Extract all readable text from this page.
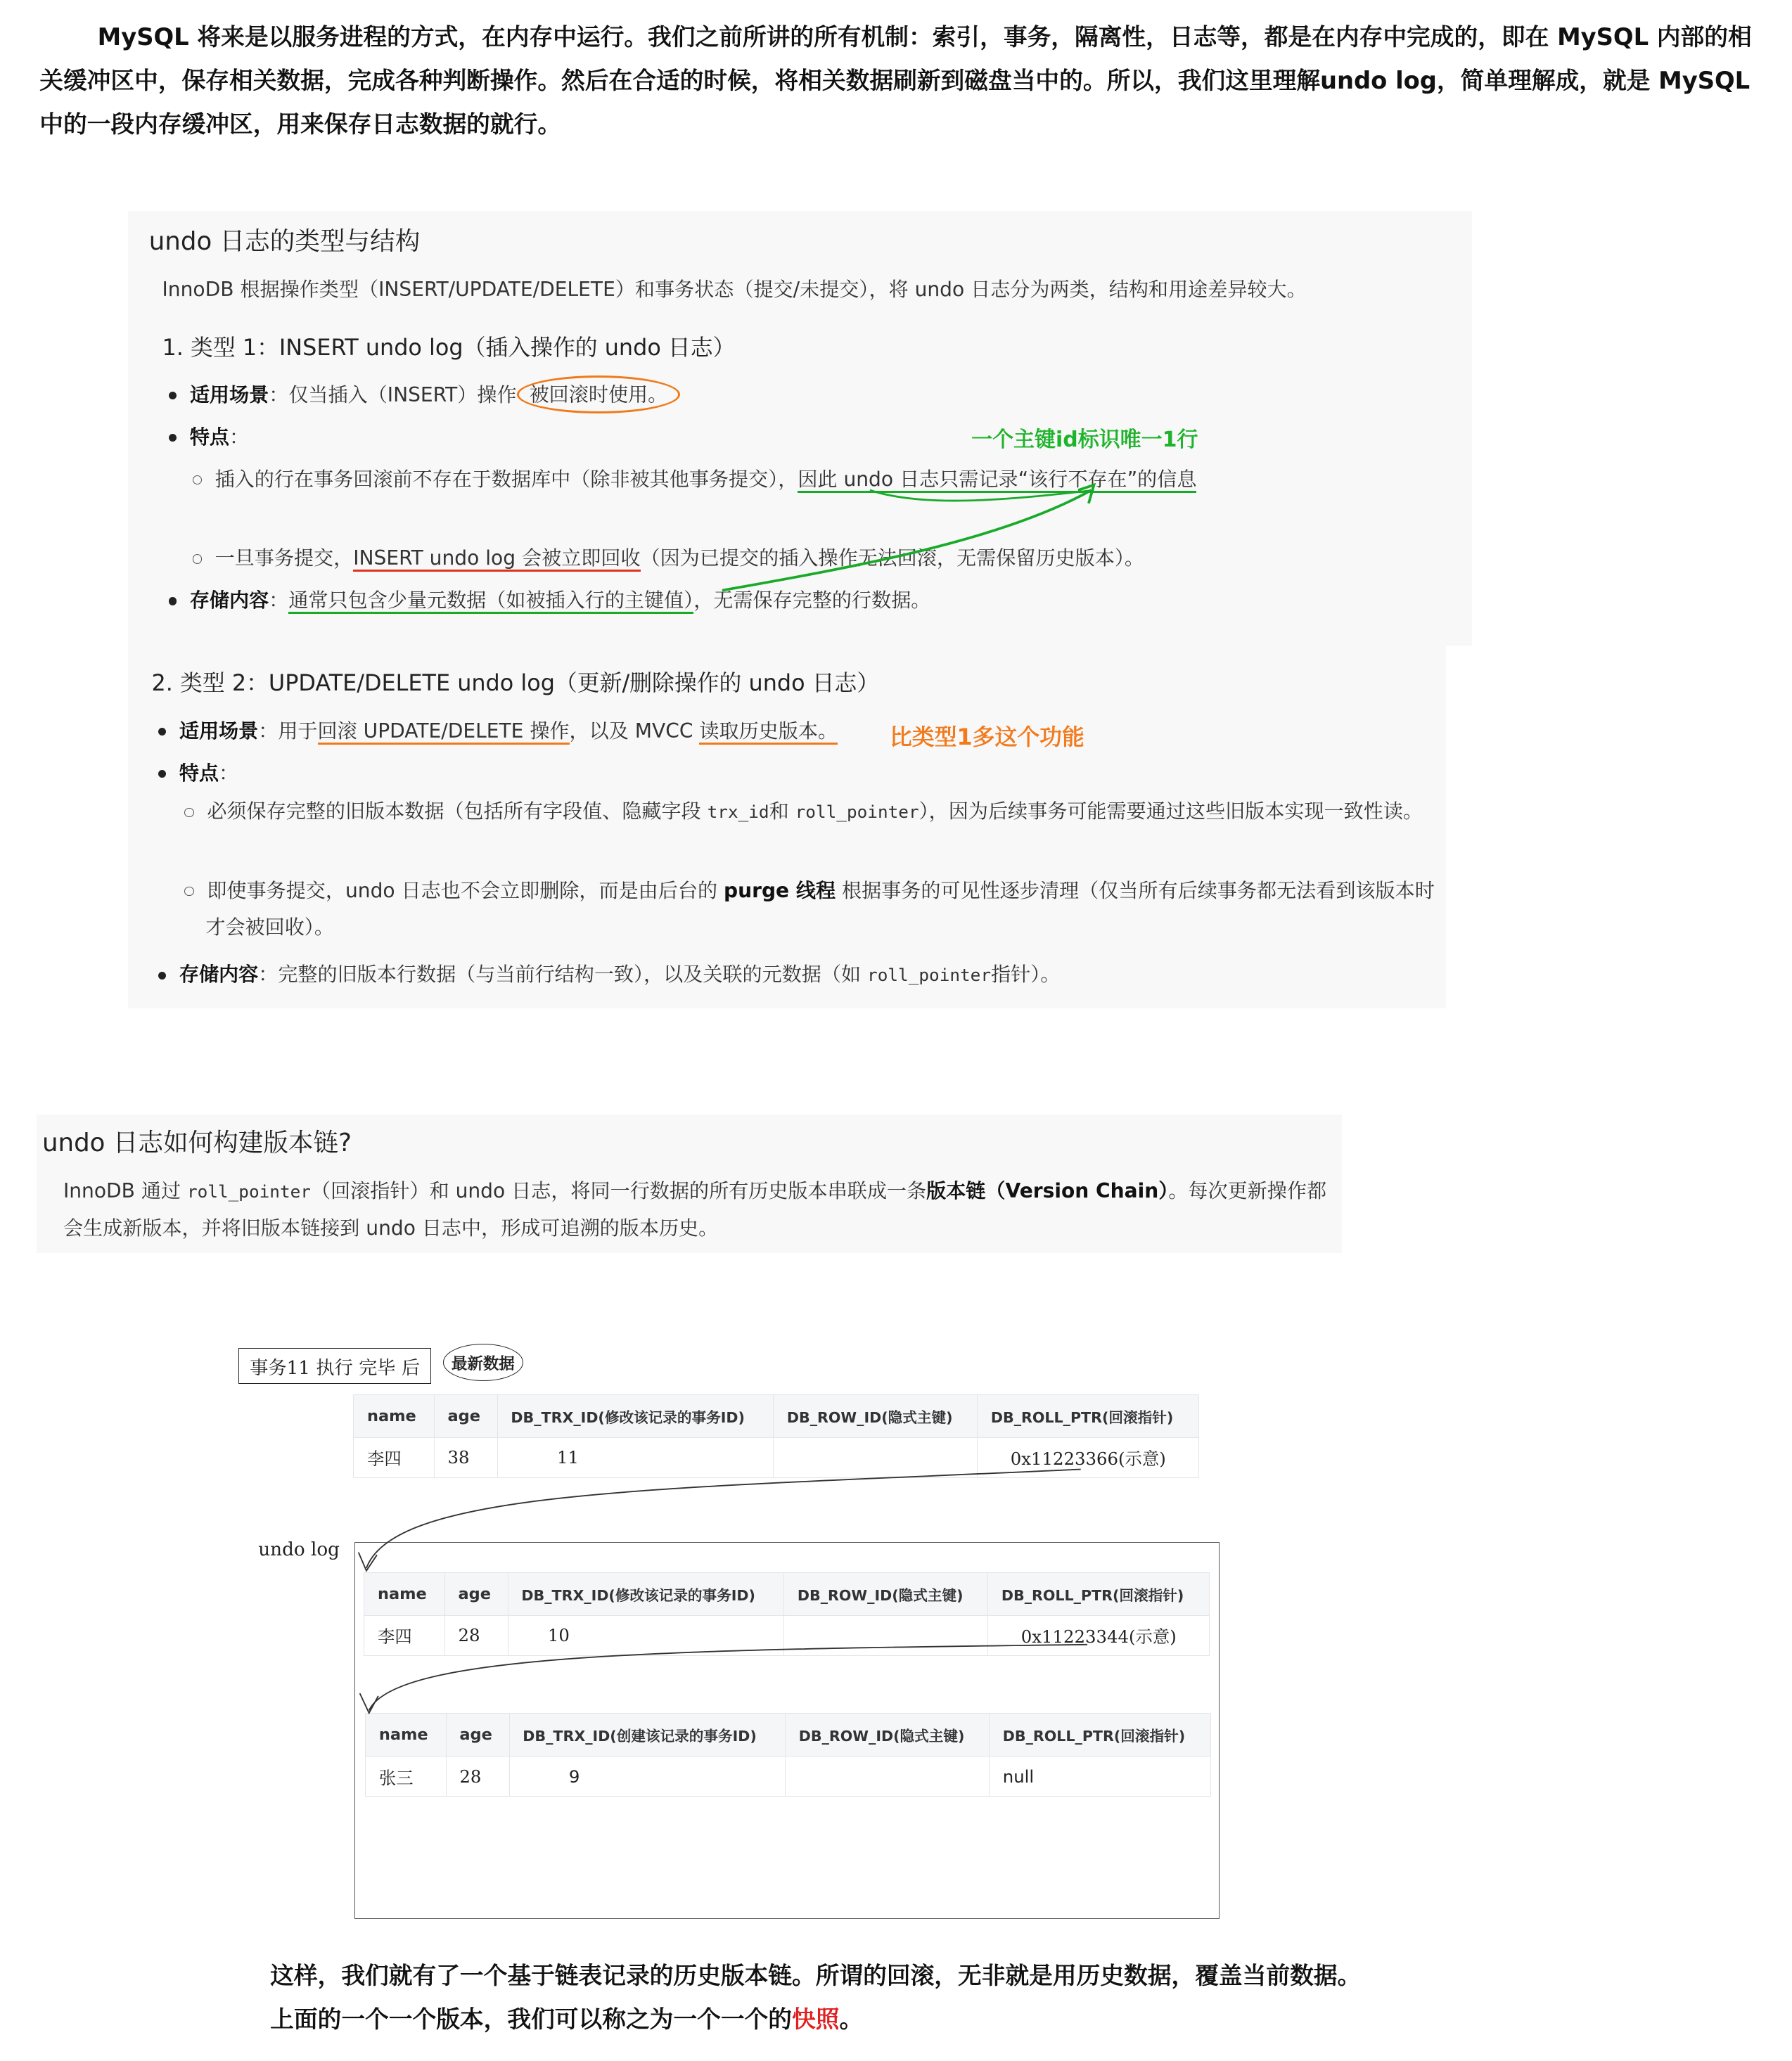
MySQL 将来是以服务进程的方式，在内存中运行。我们之前所讲的所有机制：索引，事务，隔离性，日志等，都是在内存中完成的，即在 MySQL 内部的相关缓冲区中，保存相关数据，完成各种判断操作。然后在合适的时候，将相关数据刷新到磁盘当中的。所以，我们这里理解undo log，简单理解成，就是 MySQL 中的一段内存缓冲区，用来保存日志数据的就行。
undo 日志的类型与结构
InnoDB 根据操作类型（INSERT/UPDATE/DELETE）和事务状态（提交/未提交），将 undo 日志分为两类，结构和用途差异较大。
1. 类型 1：INSERT undo log（插入操作的 undo 日志）
适用场景：仅当插入（INSERT）操作 被回滚时使用。
特点：	一个主键id标识唯一1行
插入的行在事务回滚前不存在于数据库中（除非被其他事务提交），因此 undo 日志只需记录“该行不存在”的信息
一旦事务提交，INSERT undo log 会被立即回收（因为已提交的插入操作无法回滚，无需保留历史版本）。
存储内容：通常只包含少量元数据（如被插入行的主键值），无需保存完整的行数据。
2. 类型 2：UPDATE/DELETE undo log（更新/删除操作的 undo 日志）
适用场景：用于回滚 UPDATE/DELETE 操作，以及 MVCC 读取历史版本。	比类型1多这个功能
特点：
必须保存完整的旧版本数据（包括所有字段值、隐藏字段 trx_id和 roll_pointer），因为后续事务可能需要通过这些旧版本实现一致性读。
即使事务提交，undo 日志也不会立即删除，而是由后台的 purge 线程 根据事务的可见性逐步清理（仅当所有后续事务都无法看到该版本时才会被回收）。
存储内容：完整的旧版本行数据（与当前行结构一致），以及关联的元数据（如 roll_pointer指针）。
undo 日志如何构建版本链?
InnoDB 通过 roll_pointer（回滚指针）和 undo 日志，将同一行数据的所有历史版本串联成一条版本链（Version Chain）。每次更新操作都会生成新版本，并将旧版本链接到 undo 日志中，形成可追溯的版本历史。
事务11 执行 完毕 后	最新数据
name	age	DB_TRX_ID(修改该记录的事务ID)	DB_ROW_ID(隐式主键)	DB_ROLL_PTR(回滚指针)
李四	38	11		0x11223366(示意)
undo log
name	age	DB_TRX_ID(修改该记录的事务ID)	DB_ROW_ID(隐式主键)	DB_ROLL_PTR(回滚指针)
李四	28	10		0x11223344(示意)
name	age	DB_TRX_ID(创建该记录的事务ID)	DB_ROW_ID(隐式主键)	DB_ROLL_PTR(回滚指针)
张三	28	9		null
这样，我们就有了一个基于链表记录的历史版本链。所谓的回滚，无非就是用历史数据，覆盖当前数据。
上面的一个一个版本，我们可以称之为一个一个的快照。
